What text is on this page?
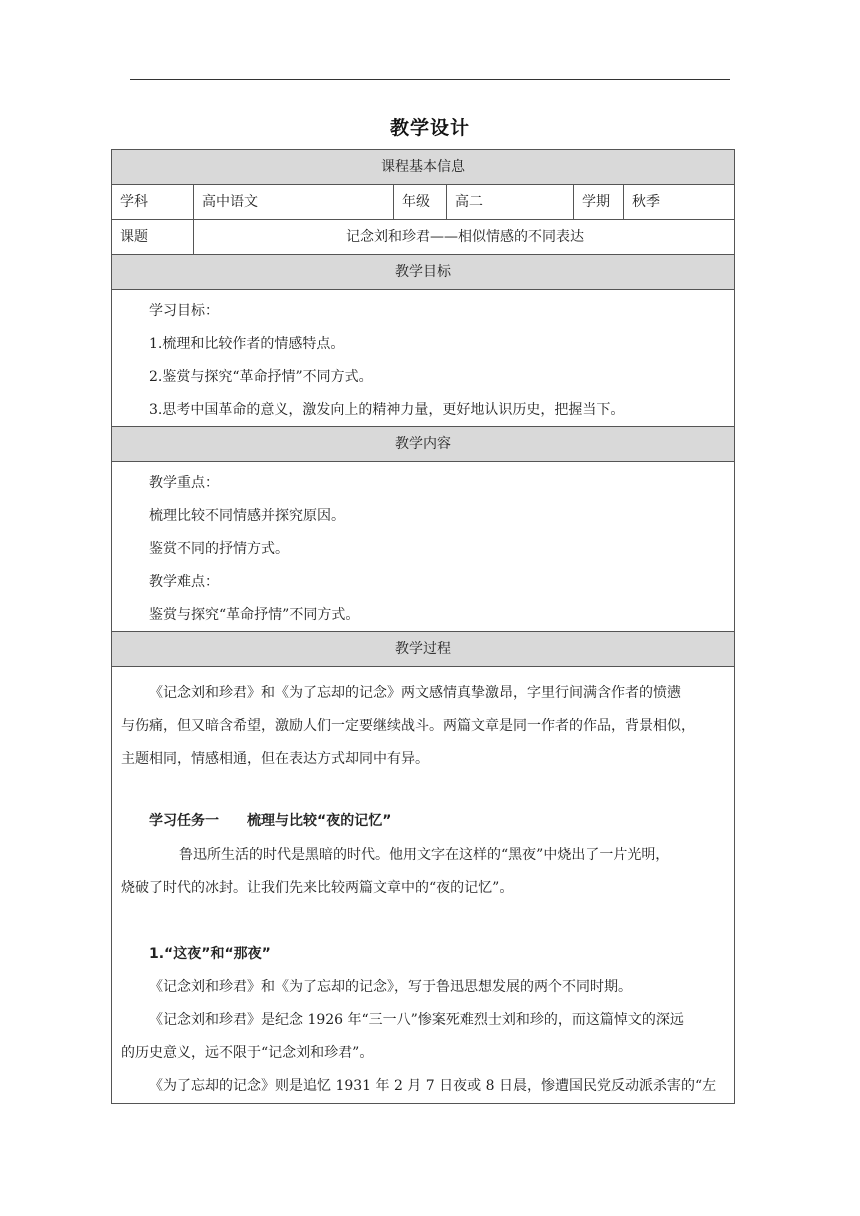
教学设计
课程基本信息
学科	高中语文	年级	高二	学期	秋季
课题	记念刘和珍君——相似情感的不同表达
教学目标
学习目标：
1.梳理和比较作者的情感特点。
2.鉴赏与探究“革命抒情”不同方式。
3.思考中国革命的意义，激发向上的精神力量，更好地认识历史，把握当下。
教学内容
教学重点：
梳理比较不同情感并探究原因。
鉴赏不同的抒情方式。
教学难点：
鉴赏与探究“革命抒情”不同方式。
教学过程
《记念刘和珍君》和《为了忘却的记念》两文感情真挚激昂，字里行间满含作者的愤懑
与伤痛，但又暗含希望，激励人们一定要继续战斗。两篇文章是同一作者的作品，背景相似，
主题相同，情感相通，但在表达方式却同中有异。
学习任务一　　梳理与比较“夜的记忆”
鲁迅所生活的时代是黑暗的时代。他用文字在这样的“黑夜”中烧出了一片光明，
烧破了时代的冰封。让我们先来比较两篇文章中的“夜的记忆”。
1.“这夜”和“那夜”
《记念刘和珍君》和《为了忘却的记念》，写于鲁迅思想发展的两个不同时期。
《记念刘和珍君》是纪念 1926 年“三一八”惨案死难烈士刘和珍的，而这篇悼文的深远
的历史意义，远不限于“记念刘和珍君”。
《为了忘却的记念》则是追忆 1931 年 2 月 7 日夜或 8 日晨，惨遭国民党反动派杀害的“左
